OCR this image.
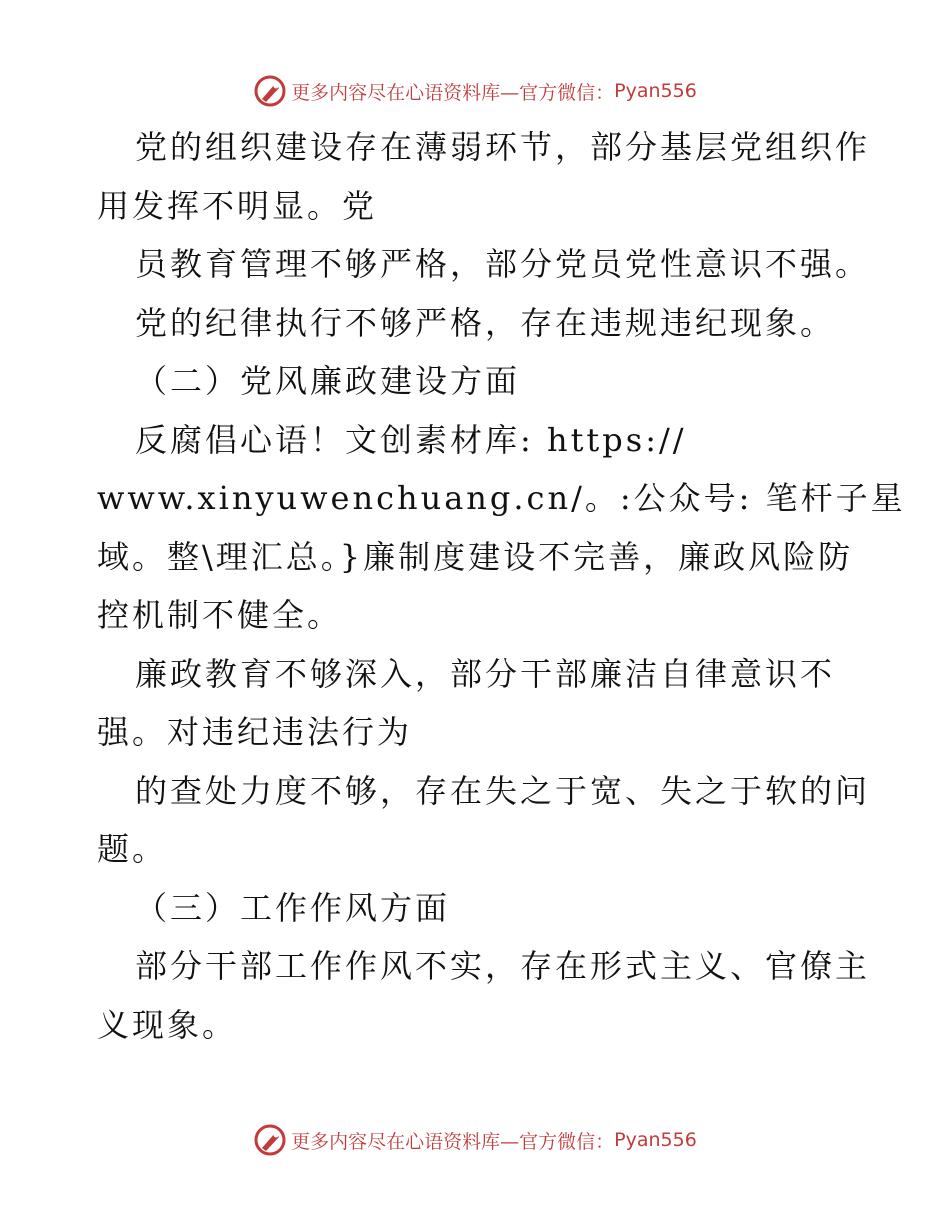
更多内容尽在心语资料库—官方微信： Pyan556
党的组织建设存在薄弱环节，部分基层党组织作
用发挥不明显。党
员教育管理不够严格，部分党员党性意识不强。
党的纪律执行不够严格，存在违规违纪现象。
（二）党风廉政建设方面
反腐倡心语！文创素材库: https://
www.xinyuwenchuang.cn/。:公众号: 笔杆子星
域。整\理汇总。}廉制度建设不完善，廉政风险防
控机制不健全。
廉政教育不够深入，部分干部廉洁自律意识不
强。对违纪违法行为
的查处力度不够，存在失之于宽、失之于软的问
题。
（三）工作作风方面
部分干部工作作风不实，存在形式主义、官僚主
义现象。
更多内容尽在心语资料库—官方微信： Pyan556
